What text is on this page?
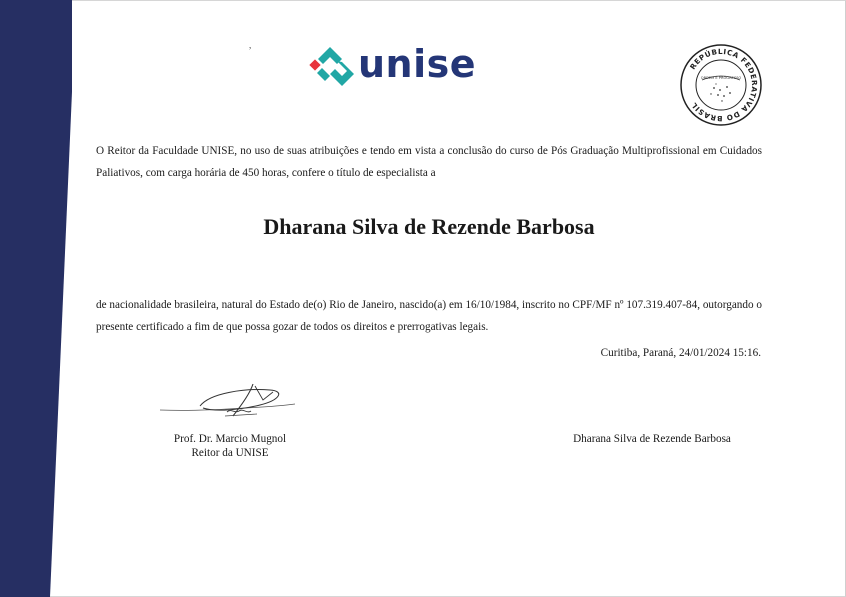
,	unise	REPÚBLICA FEDERATIVA DO BRASIL
ORDEM E PROGRESSO

O Reitor da Faculdade UNISE, no uso de suas atribuições e tendo em vista a conclusão do curso de Pós Graduação Multiprofissional em Cuidados Paliativos, com carga horária de 450 horas, confere o título de especialista a

Dharana Silva de Rezende Barbosa

de nacionalidade brasileira, natural do Estado de(o) Rio de Janeiro, nascido(a) em 16/10/1984, inscrito no CPF/MF nº 107.319.407-84, outorgando o presente certificado a fim de que possa gozar de todos os direitos e prerrogativas legais.

Curitiba, Paraná, 24/01/2024 15:16.
Prof. Dr. Marcio Mugnol
Reitor da UNISE
Dharana Silva de Rezende Barbosa
